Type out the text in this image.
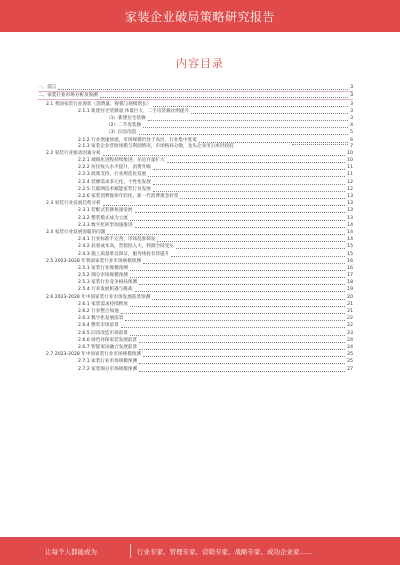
家装企业破局策略研究报告
内容目录
一、前言	3
二、家装行业市场分析及预测	3
2.1 我国家装行业现状（消费量、规模与规模增长）	3
2.1.1 新建住宅装修量 体量巨大，二手房装修比例提升	3
（1）新建住宅装修	3
（2）二手房装修	4
（3）旧房改造	5
2.1.2 行业增速放缓，市场规模仍处于高位，行业集中度低	6
2.1.3 家装企业营收规模与利润情况，市场格局分散，龙头企业市占率仍较低	7
2.2 家装行业驱动因素分析	10
2.2.1 城镇化进程持续推进，住房存量扩大	10
2.2.2 居民收入水平提升，消费升级	11
2.2.3 政策支持，行业规范化发展	11
2.2.4 装修需求多元化、个性化发展	12
2.2.5 互联网技术赋能家装行业发展	12
2.2.6 家装消费群体年轻化，新一代消费观念转变	13
2.3 家装行业发展趋势分析	13
2.3.1 装配式装修快速发展	13
2.3.2 整装模式成为主流	13
2.3.3 数字化转型加速推进	14
2.4 家装行业发展面临的问题	14
2.4.1 行业标准不完善，市场乱象频发	14
2.4.2 获客成本高，营销投入大，利润空间受压	15
2.4.3 施工质量难以保证，服务体验有待提升	15
2.5 2023-2028 年我国家装行业市场规模预测	16
2.5.1 家装行业规模预测	16
2.5.2 细分市场规模预测	17
2.5.3 家装行业竞争格局预测	18
2.5.4 行业发展机遇与挑战	19
2.6 2023-2028 年中国家装行业市场发展前景预测	20
2.6.1 家装需求持续释放	21
2.6.2 行业整合加速	21
2.6.3 数字化发展前景	22
2.6.4 整装市场前景	22
2.6.5 旧房改造市场前景	23
2.6.6 绿色环保家装发展前景	24
2.6.7 智能家居融合发展前景	24
2.7 2023-2028 年中国家装行业市场规模预测	25
2.7.1 家装行业市场规模预测	25
2.7.2 家装细分市场规模预测	27
让每个人都能成为	行业专家、管理专家、营销专家、战略专家、成功企业家……
